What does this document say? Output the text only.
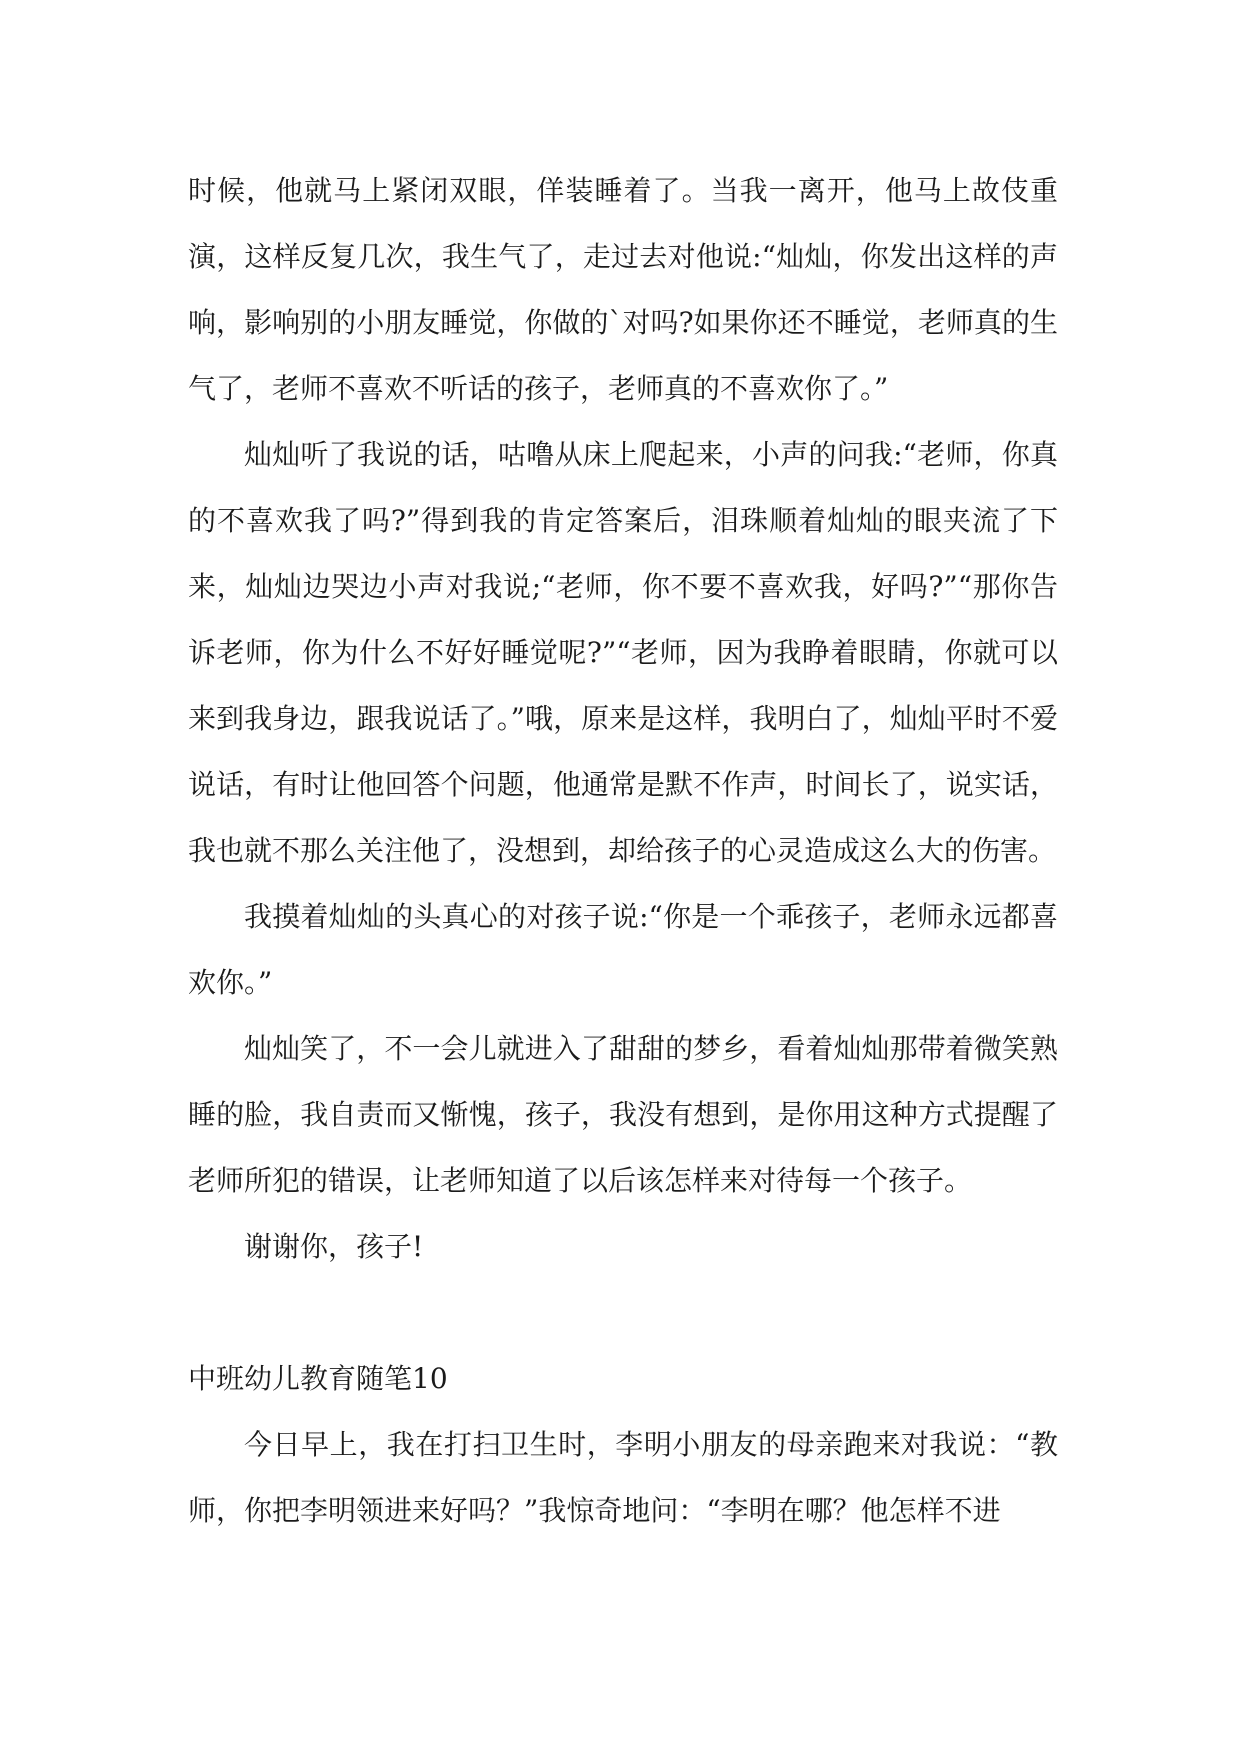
时候，他就马上紧闭双眼，佯装睡着了。当我一离开，他马上故伎重演，这样反复几次，我生气了，走过去对他说:“灿灿，你发出这样的声响，影响别的小朋友睡觉，你做的`对吗?如果你还不睡觉，老师真的生气了，老师不喜欢不听话的孩子，老师真的不喜欢你了。”

灿灿听了我说的话，咕噜从床上爬起来，小声的问我:“老师，你真的不喜欢我了吗?”得到我的肯定答案后，泪珠顺着灿灿的眼夹流了下来，灿灿边哭边小声对我说;“老师，你不要不喜欢我，好吗?”“那你告诉老师，你为什么不好好睡觉呢?”“老师，因为我睁着眼睛，你就可以来到我身边，跟我说话了。”哦，原来是这样，我明白了，灿灿平时不爱说话，有时让他回答个问题，他通常是默不作声，时间长了，说实话，我也就不那么关注他了，没想到，却给孩子的心灵造成这么大的伤害。

我摸着灿灿的头真心的对孩子说:“你是一个乖孩子，老师永远都喜欢你。”

灿灿笑了，不一会儿就进入了甜甜的梦乡，看着灿灿那带着微笑熟睡的脸，我自责而又惭愧，孩子，我没有想到，是你用这种方式提醒了老师所犯的错误，让老师知道了以后该怎样来对待每一个孩子。

谢谢你，孩子!

中班幼儿教育随笔10

今日早上，我在打扫卫生时，李明小朋友的母亲跑来对我说：“教师，你把李明领进来好吗？”我惊奇地问：“李明在哪？他怎样不进
